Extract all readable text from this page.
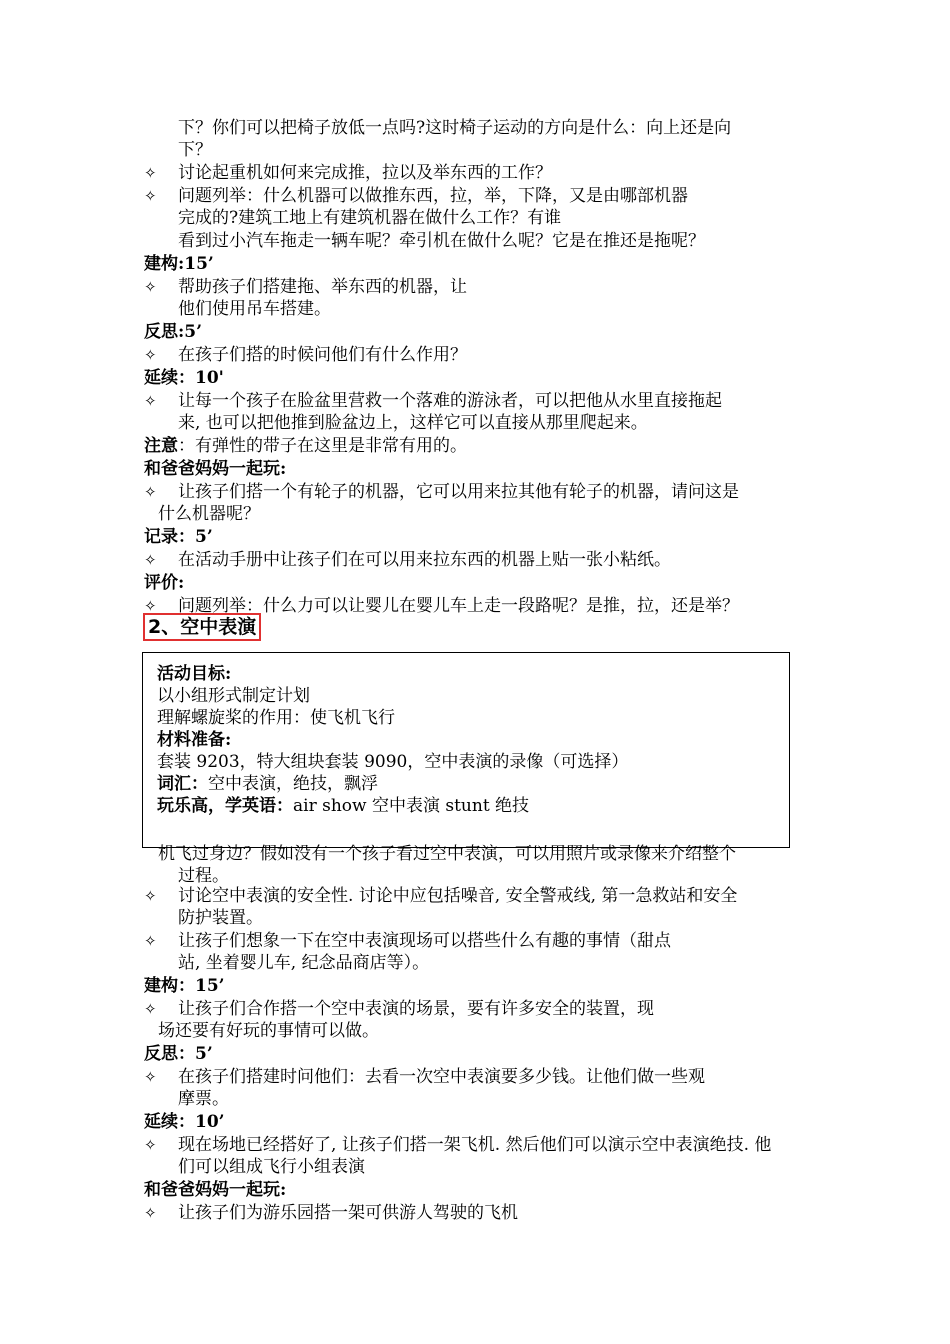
下？你们可以把椅子放低一点吗?这时椅子运动的方向是什么：向上还是向
下？
✧ 讨论起重机如何来完成推，拉以及举东西的工作？
✧ 问题列举：什么机器可以做推东西，拉，举，下降，又是由哪部机器
完成的?建筑工地上有建筑机器在做什么工作？有谁
看到过小汽车拖走一辆车呢？牵引机在做什么呢？它是在推还是拖呢？
建构:15’
✧ 帮助孩子们搭建拖、举东西的机器，让
他们使用吊车搭建。
反思:5’
✧ 在孩子们搭的时候问他们有什么作用？
延续：10'
✧ 让每一个孩子在脸盆里营救一个落难的游泳者，可以把他从水里直接拖起
来, 也可以把他推到脸盆边上，这样它可以直接从那里爬起来。
注意：有弹性的带子在这里是非常有用的。
和爸爸妈妈一起玩:
✧ 让孩子们搭一个有轮子的机器，它可以用来拉其他有轮子的机器，请问这是
什么机器呢？
记录：5’
✧ 在活动手册中让孩子们在可以用来拉东西的机器上贴一张小粘纸。
评价:
✧ 问题列举：什么力可以让婴儿在婴儿车上走一段路呢？是推，拉，还是举？
2、空中表演
活动目标:
以小组形式制定计划
理解螺旋桨的作用：使飞机飞行
材料准备:
套装 9203，特大组块套装 9090，空中表演的录像（可选择）
词汇：空中表演，绝技，飘浮
玩乐高，学英语：air show 空中表演 stunt 绝技
机飞过身边？假如没有一个孩子看过空中表演，可以用照片或录像来介绍整个
过程。
✧ 讨论空中表演的安全性. 讨论中应包括噪音, 安全警戒线, 第一急救站和安全
防护装置。
✧ 让孩子们想象一下在空中表演现场可以搭些什么有趣的事情（甜点
站, 坐着婴儿车, 纪念品商店等）。
建构：15’
✧ 让孩子们合作搭一个空中表演的场景，要有许多安全的装置，现
场还要有好玩的事情可以做。
反思：5’
✧ 在孩子们搭建时问他们：去看一次空中表演要多少钱。让他们做一些观
摩票。
延续：10’
✧ 现在场地已经搭好了, 让孩子们搭一架飞机. 然后他们可以演示空中表演绝技. 他
们可以组成飞行小组表演
和爸爸妈妈一起玩:
✧ 让孩子们为游乐园搭一架可供游人驾驶的飞机
